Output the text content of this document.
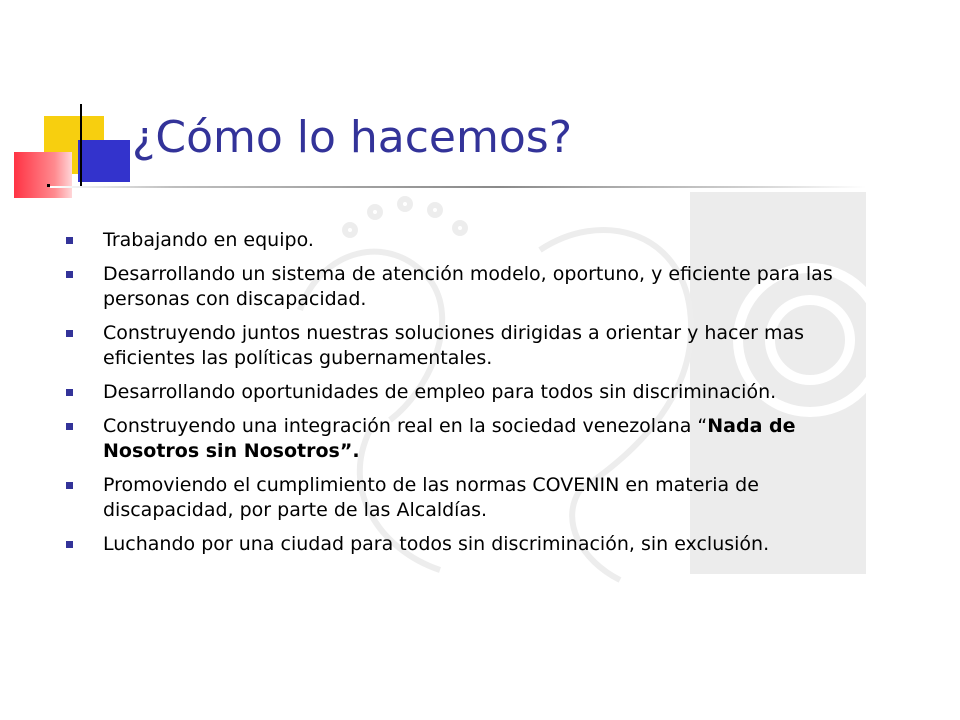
¿Cómo lo hacemos?
Trabajando en equipo.
Desarrollando un sistema de atención modelo, oportuno, y eficiente para las personas con discapacidad.
Construyendo juntos nuestras soluciones dirigidas a orientar y hacer mas eficientes las políticas gubernamentales.
Desarrollando oportunidades de empleo para todos sin discriminación.
Construyendo una integración real en la sociedad venezolana “Nada de Nosotros sin Nosotros”.
Promoviendo el cumplimiento de las normas COVENIN en materia de discapacidad, por parte de las Alcaldías.
Luchando por una ciudad para todos sin discriminación, sin exclusión.
